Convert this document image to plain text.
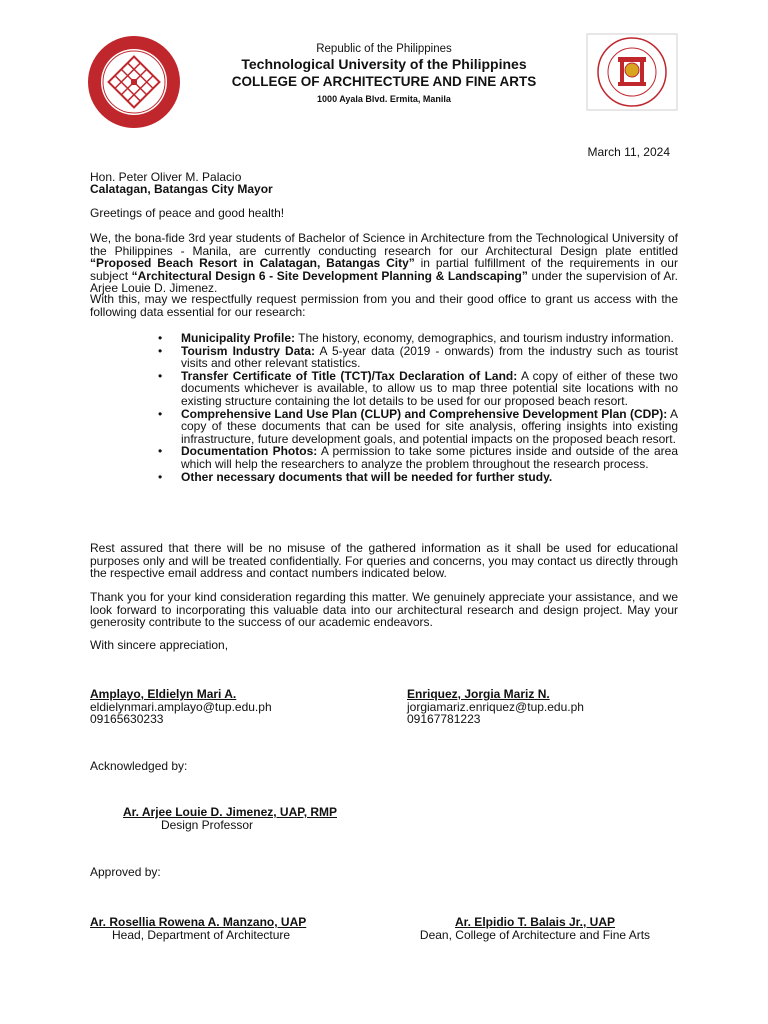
Republic of the Philippines
Technological University of the Philippines
COLLEGE OF ARCHITECTURE AND FINE ARTS
1000 Ayala Blvd. Ermita, Manila
March 11, 2024
Hon. Peter Oliver M. Palacio
Calatagan, Batangas City Mayor
Greetings of peace and good health!
We, the bona-fide 3rd year students of Bachelor of Science in Architecture from the Technological University of the Philippines - Manila, are currently conducting research for our Architectural Design plate entitled “Proposed Beach Resort in Calatagan, Batangas City” in partial fulfillment of the requirements in our subject “Architectural Design 6 - Site Development Planning & Landscaping” under the supervision of Ar. Arjee Louie D. Jimenez.
With this, may we respectfully request permission from you and their good office to grant us access with the following data essential for our research:
• Municipality Profile: The history, economy, demographics, and tourism industry information.
• Tourism Industry Data: A 5-year data (2019 - onwards) from the industry such as tourist visits and other relevant statistics.
• Transfer Certificate of Title (TCT)/Tax Declaration of Land: A copy of either of these two documents whichever is available, to allow us to map three potential site locations with no existing structure containing the lot details to be used for our proposed beach resort.
• Comprehensive Land Use Plan (CLUP) and Comprehensive Development Plan (CDP): A copy of these documents that can be used for site analysis, offering insights into existing infrastructure, future development goals, and potential impacts on the proposed beach resort.
• Documentation Photos: A permission to take some pictures inside and outside of the area which will help the researchers to analyze the problem throughout the research process.
• Other necessary documents that will be needed for further study.
Rest assured that there will be no misuse of the gathered information as it shall be used for educational purposes only and will be treated confidentially. For queries and concerns, you may contact us directly through the respective email address and contact numbers indicated below.
Thank you for your kind consideration regarding this matter. We genuinely appreciate your assistance, and we look forward to incorporating this valuable data into our architectural research and design project. May your generosity contribute to the success of our academic endeavors.
With sincere appreciation,
Amplayo, Eldielyn Mari A.
eldielynmari.amplayo@tup.edu.ph
09165630233
Enriquez, Jorgia Mariz N.
jorgiamariz.enriquez@tup.edu.ph
09167781223
Acknowledged by:
Ar. Arjee Louie D. Jimenez, UAP, RMP
Design Professor
Approved by:
Ar. Rosellia Rowena A. Manzano, UAP
Head, Department of Architecture
Ar. Elpidio T. Balais Jr., UAP
Dean, College of Architecture and Fine Arts
